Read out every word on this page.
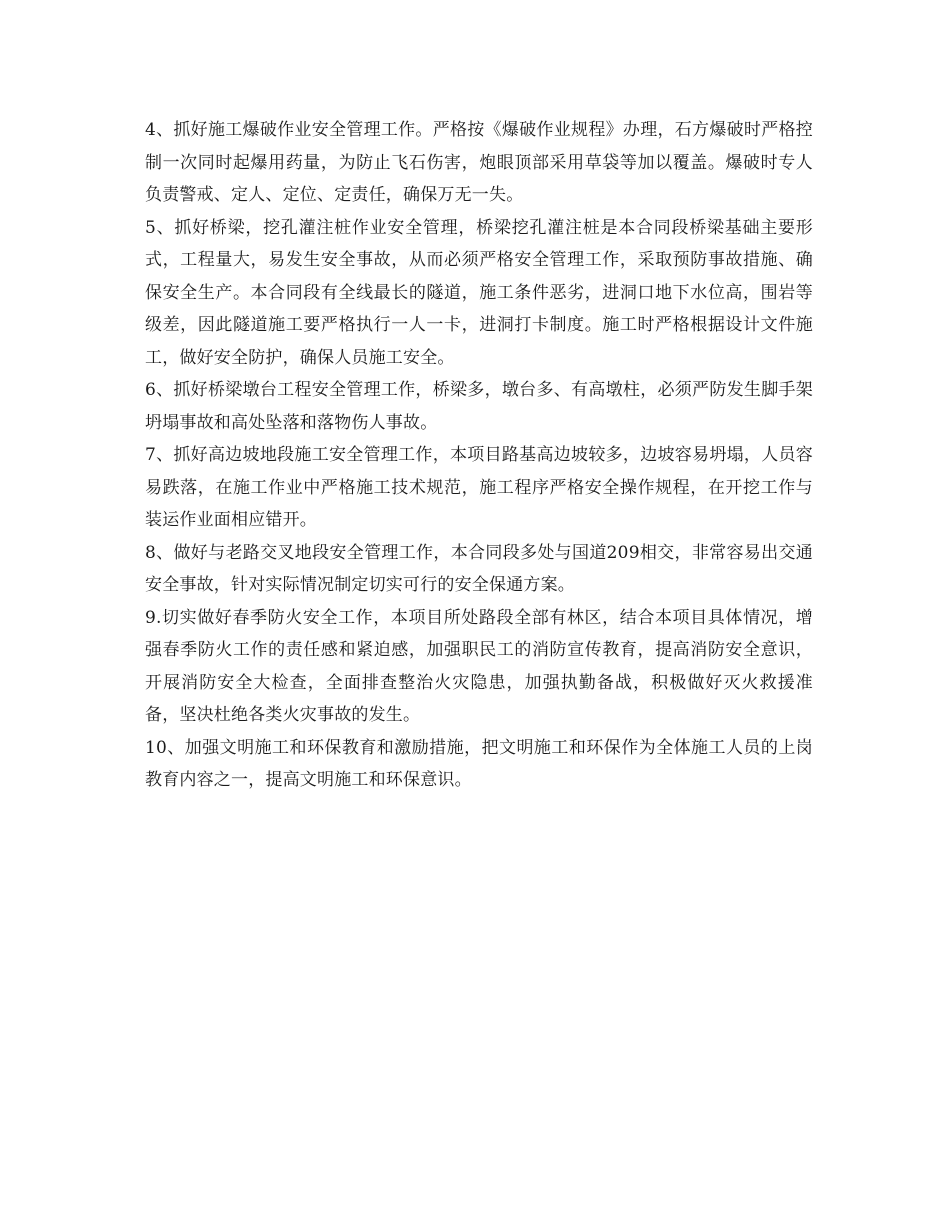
4、抓好施工爆破作业安全管理工作。严格按《爆破作业规程》办理，石方爆破时严格控制一次同时起爆用药量，为防止飞石伤害，炮眼顶部采用草袋等加以覆盖。爆破时专人负责警戒、定人、定位、定责任，确保万无一失。

5、抓好桥梁，挖孔灌注桩作业安全管理，桥梁挖孔灌注桩是本合同段桥梁基础主要形式，工程量大，易发生安全事故，从而必须严格安全管理工作，采取预防事故措施、确保安全生产。本合同段有全线最长的隧道，施工条件恶劣，进洞口地下水位高，围岩等级差，因此隧道施工要严格执行一人一卡，进洞打卡制度。施工时严格根据设计文件施工，做好安全防护，确保人员施工安全。

6、抓好桥梁墩台工程安全管理工作，桥梁多，墩台多、有高墩柱，必须严防发生脚手架坍塌事故和高处坠落和落物伤人事故。

7、抓好高边坡地段施工安全管理工作，本项目路基高边坡较多，边坡容易坍塌，人员容易跌落，在施工作业中严格施工技术规范，施工程序严格安全操作规程，在开挖工作与装运作业面相应错开。

8、做好与老路交叉地段安全管理工作，本合同段多处与国道209相交，非常容易出交通安全事故，针对实际情况制定切实可行的安全保通方案。

9.切实做好春季防火安全工作，本项目所处路段全部有林区，结合本项目具体情况，增强春季防火工作的责任感和紧迫感，加强职民工的消防宣传教育，提高消防安全意识，开展消防安全大检查，全面排查整治火灾隐患，加强执勤备战，积极做好灭火救援准备，坚决杜绝各类火灾事故的发生。

10、加强文明施工和环保教育和激励措施，把文明施工和环保作为全体施工人员的上岗教育内容之一，提高文明施工和环保意识。
